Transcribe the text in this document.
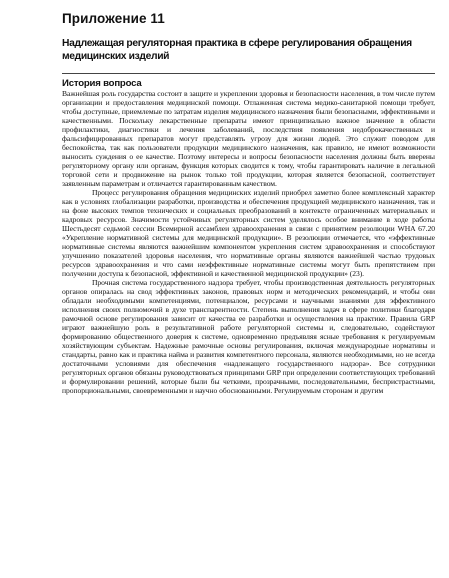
Приложение 11
Надлежащая регуляторная практика в сфере регулирования обращения медицинских изделий
История вопроса

Важнейшая роль государства состоит в защите и укреплении здоровья и безопасности населения, в том числе путем организации и предоставления медицинской помощи. Отлаженная система медико-санитарной помощи требует, чтобы доступные, приемлемые по затратам изделия медицинского назначения были безопасными, эффективными и качественными. Поскольку лекарственные препараты имеют принципиально важное значение в области профилактики, диагностики и лечения заболеваний, последствия появления недоброкачественных и фальсифицированных препаратов могут представлять угрозу для жизни людей. Это служит поводом для беспокойства, так как пользователи продукции медицинского назначения, как правило, не имеют возможности выносить суждения о ее качестве. Поэтому интересы и вопросы безопасности населения должны быть вверены регуляторному органу или органам, функция которых сводится к тому, чтобы гарантировать наличие в легальной торговой сети и продвижение на рынок только той продукции, которая является безопасной, соответствует заявленным параметрам и отличается гарантированным качеством.

Процесс регулирования обращения медицинских изделий приобрел заметно более комплексный характер как в условиях глобализации разработки, производства и обеспечения продукцией медицинского назначения, так и на фоне высоких темпов технических и социальных преобразований в контексте ограниченных материальных и кадровых ресурсов. Значимости устойчивых регуляторных систем уделялось особое внимание в ходе работы Шестьдесят седьмой сессии Всемирной ассамблеи здравоохранения в связи с принятием резолюции WHA 67.20 «Укрепление нормативной системы для медицинской продукции». В резолюции отмечается, что «эффективные нормативные системы являются важнейшим компонентом укрепления систем здравоохранения и способствуют улучшению показателей здоровья населения, что нормативные органы являются важнейшей частью трудовых ресурсов здравоохранения и что сами неэффективные нормативные системы могут быть препятствием при получении доступа к безопасной, эффективной и качественной медицинской продукции» (23).

Прочная система государственного надзора требует, чтобы производственная деятельность регуляторных органов опиралась на свод эффективных законов, правовых норм и методических рекомендаций, и чтобы они обладали необходимыми компетенциями, потенциалом, ресурсами и научными знаниями для эффективного исполнения своих полномочий в духе транспарентности. Степень выполнения задач в сфере политики благодаря рамочной основе регулирования зависит от качества ее разработки и осуществления на практике. Правила GRP играют важнейшую роль в результативной работе регуляторной системы и, следовательно, содействуют формированию общественного доверия к системе, одновременно предъявляя ясные требования к регулируемым хозяйствующим субъектам. Надежные рамочные основы регулирования, включая международные нормативы и стандарты, равно как и практика найма и развития компетентного персонала, являются необходимыми, но не всегда достаточными условиями для обеспечения «надлежащего государственного надзора». Все сотрудники регуляторных органов обязаны руководствоваться принципами GRP при определении соответствующих требований и формулировании решений, которые были бы четкими, прозрачными, последовательными, беспристрастными, пропорциональными, своевременными и научно обоснованными. Регулируемым сторонам и другим
